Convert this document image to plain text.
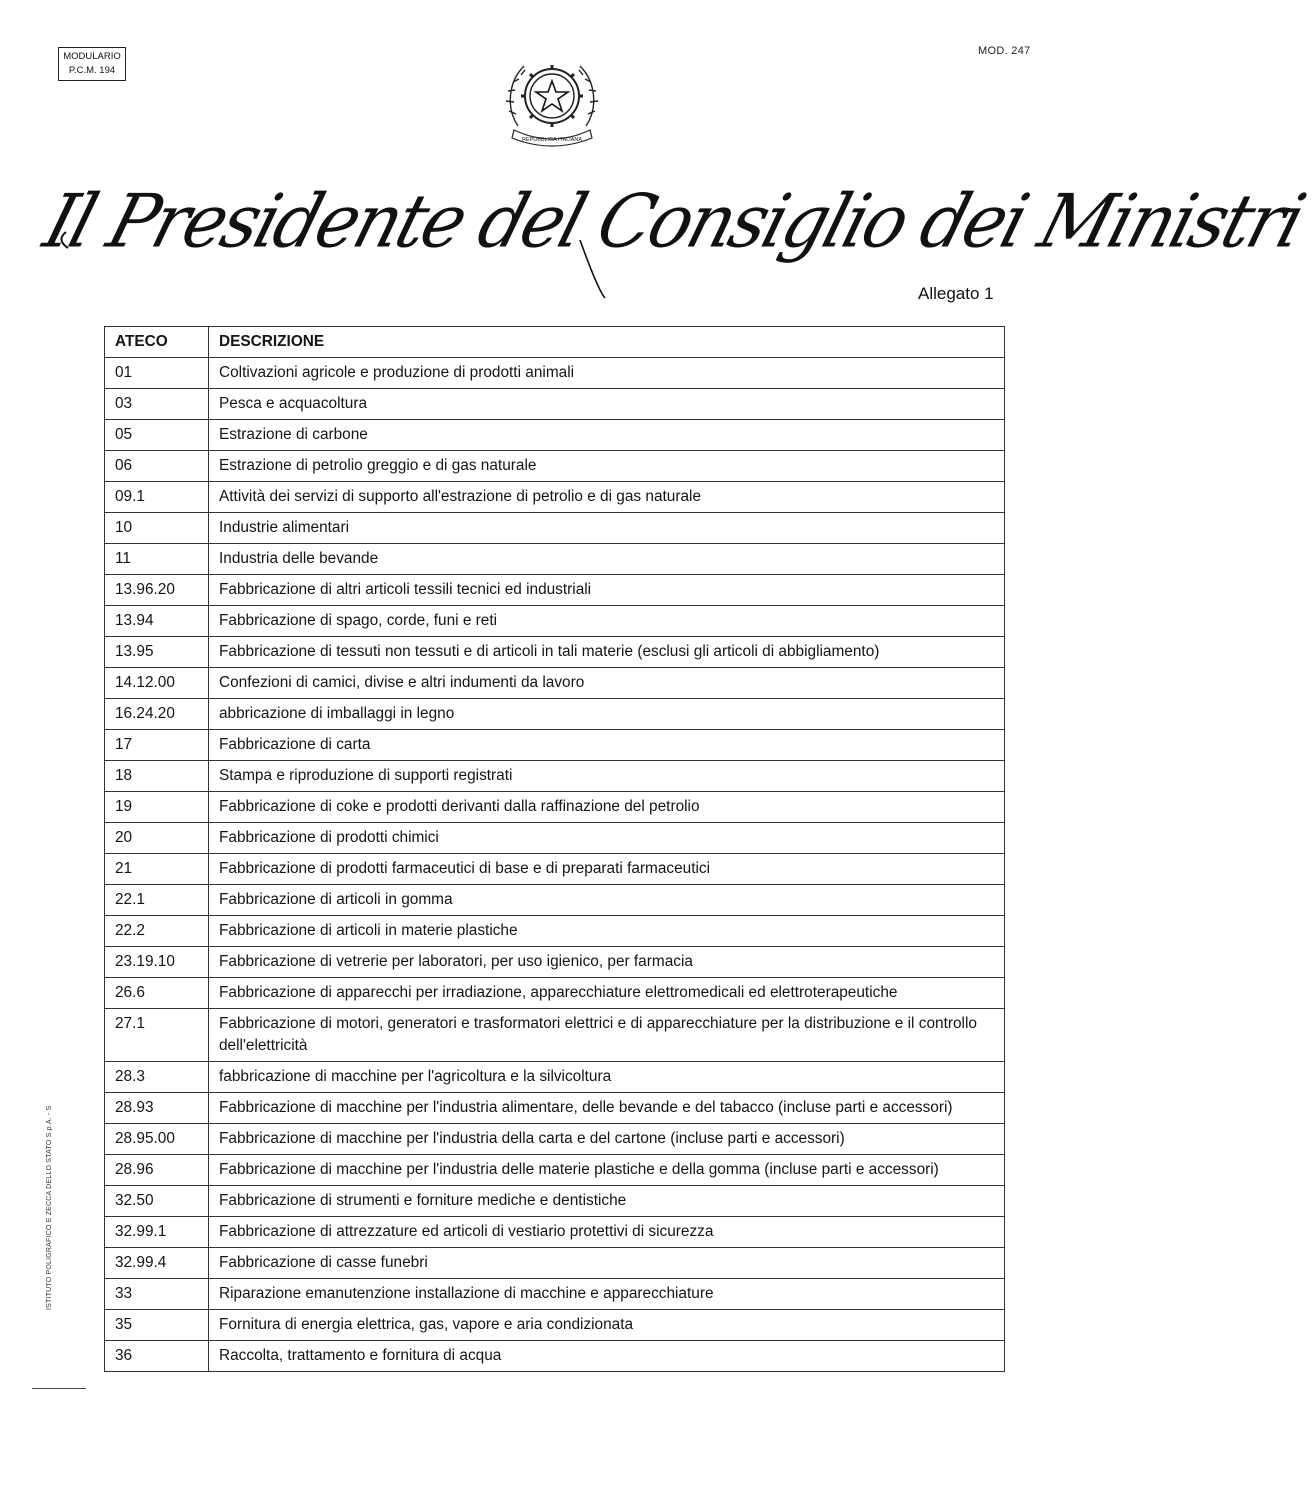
MODULARIO
P.C.M. 194
MOD. 247
REPUBBLICA ITALIANA
Il Presidente del Consiglio dei Ministri
Allegato 1
ATECO	DESCRIZIONE
01	Coltivazioni agricole e produzione di prodotti animali
03	Pesca e acquacoltura
05	Estrazione di carbone
06	Estrazione di petrolio greggio e di gas naturale
09.1	Attività dei servizi di supporto all'estrazione di petrolio e di gas naturale
10	Industrie alimentari
11	Industria delle bevande
13.96.20	Fabbricazione di altri articoli tessili tecnici ed industriali
13.94	Fabbricazione di spago, corde, funi e reti
13.95	Fabbricazione di tessuti non tessuti e di articoli in tali materie (esclusi gli articoli di abbigliamento)
14.12.00	Confezioni di camici, divise e altri indumenti da lavoro
16.24.20	abbricazione di imballaggi in legno
17	Fabbricazione di carta
18	Stampa e riproduzione di supporti registrati
19	Fabbricazione di coke e prodotti derivanti dalla raffinazione del petrolio
20	Fabbricazione di prodotti chimici
21	Fabbricazione di prodotti farmaceutici di base e di preparati farmaceutici
22.1	Fabbricazione di articoli in gomma
22.2	Fabbricazione di articoli in materie plastiche
23.19.10	Fabbricazione di vetrerie per laboratori, per uso igienico, per farmacia
26.6	Fabbricazione di apparecchi per irradiazione, apparecchiature elettromedicali ed elettroterapeutiche
27.1	Fabbricazione di motori, generatori e trasformatori elettrici e di apparecchiature per la distribuzione e il controllo dell'elettricità
28.3	fabbricazione di macchine per l'agricoltura e la silvicoltura
28.93	Fabbricazione di macchine per l'industria alimentare, delle bevande e del tabacco (incluse parti e accessori)
28.95.00	Fabbricazione di macchine per l'industria della carta e del cartone (incluse parti e accessori)
28.96	Fabbricazione di macchine per l'industria delle materie plastiche e della gomma (incluse parti e accessori)
32.50	Fabbricazione di strumenti e forniture mediche e dentistiche
32.99.1	Fabbricazione di attrezzature ed articoli di vestiario protettivi di sicurezza
32.99.4	Fabbricazione di casse funebri
33	Riparazione emanutenzione installazione di macchine e apparecchiature
35	Fornitura di energia elettrica, gas, vapore e aria condizionata
36	Raccolta, trattamento e fornitura di acqua
ISTITUTO POLIGRAFICO E ZECCA DELLO STATO S.p.A. - S
